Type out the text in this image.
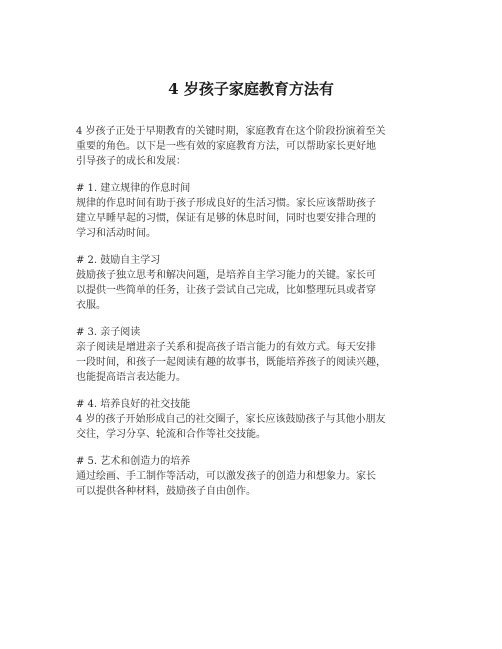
4 岁孩子家庭教育方法有
4 岁孩子正处于早期教育的关键时期，家庭教育在这个阶段扮演着至关
重要的角色。以下是一些有效的家庭教育方法，可以帮助家长更好地
引导孩子的成长和发展：
# 1. 建立规律的作息时间
规律的作息时间有助于孩子形成良好的生活习惯。家长应该帮助孩子
建立早睡早起的习惯，保证有足够的休息时间，同时也要安排合理的
学习和活动时间。
# 2. 鼓励自主学习
鼓励孩子独立思考和解决问题，是培养自主学习能力的关键。家长可
以提供一些简单的任务，让孩子尝试自己完成，比如整理玩具或者穿
衣服。
# 3. 亲子阅读
亲子阅读是增进亲子关系和提高孩子语言能力的有效方式。每天安排
一段时间，和孩子一起阅读有趣的故事书，既能培养孩子的阅读兴趣，
也能提高语言表达能力。
# 4. 培养良好的社交技能
4 岁的孩子开始形成自己的社交圈子，家长应该鼓励孩子与其他小朋友
交往，学习分享、轮流和合作等社交技能。
# 5. 艺术和创造力的培养
通过绘画、手工制作等活动，可以激发孩子的创造力和想象力。家长
可以提供各种材料，鼓励孩子自由创作。
